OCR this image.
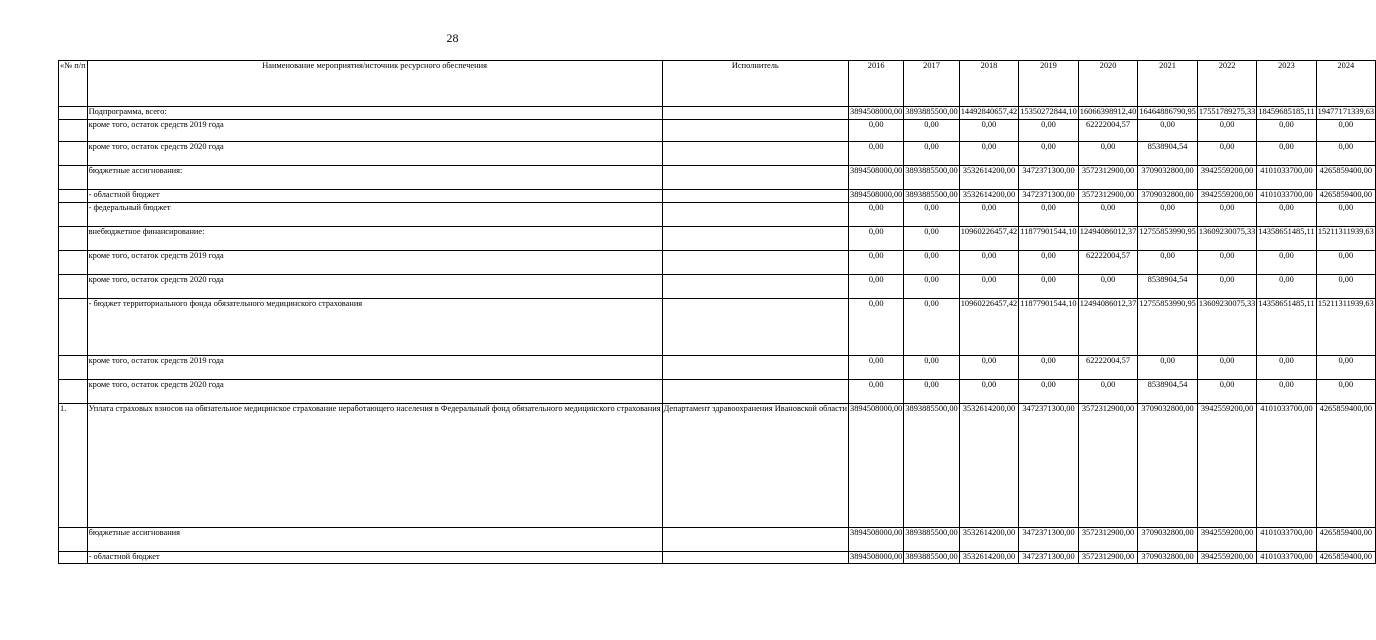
28
«№ п/п	Наименование мероприятия/источник ресурсного обеспечения	Исполнитель	2016	2017	2018	2019	2020	2021	2022	2023	2024
	Подпрограмма, всего:		3894508000,00	3893885500,00	14492840657,42	15350272844,10	16066398912,40	16464886790,95	17551789275,33	18459685185,11	19477171339,63
	кроме того, остаток средств 2019 года		0,00	0,00	0,00	0,00	62222004,57	0,00	0,00	0,00	0,00
	кроме того, остаток средств 2020 года		0,00	0,00	0,00	0,00	0,00	8538904,54	0,00	0,00	0,00
	бюджетные ассигнования:		3894508000,00	3893885500,00	3532614200,00	3472371300,00	3572312900,00	3709032800,00	3942559200,00	4101033700,00	4265859400,00
	- областной бюджет		3894508000,00	3893885500,00	3532614200,00	3472371300,00	3572312900,00	3709032800,00	3942559200,00	4101033700,00	4265859400,00
	- федеральный бюджет		0,00	0,00	0,00	0,00	0,00	0,00	0,00	0,00	0,00
	внебюджетное финансирование:		0,00	0,00	10960226457,42	11877901544,10	12494086012,37	12755853990,95	13609230075,33	14358651485,11	15211311939,63
	кроме того, остаток средств 2019 года		0,00	0,00	0,00	0,00	62222004,57	0,00	0,00	0,00	0,00
	кроме того, остаток средств 2020 года		0,00	0,00	0,00	0,00	0,00	8538904,54	0,00	0,00	0,00
	- бюджет территориального фонда обязательного медицинского страхования		0,00	0,00	10960226457,42	11877901544,10	12494086012,37	12755853990,95	13609230075,33	14358651485,11	15211311939,63
	кроме того, остаток средств 2019 года		0,00	0,00	0,00	0,00	62222004,57	0,00	0,00	0,00	0,00
	кроме того, остаток средств 2020 года		0,00	0,00	0,00	0,00	0,00	8538904,54	0,00	0,00	0,00
1.	Уплата страховых взносов на обязательное медицинское страхование неработающего населения в Федеральный фонд обязательного медицинского страхования	Департамент здравоохранения Ивановской области	3894508000,00	3893885500,00	3532614200,00	3472371300,00	3572312900,00	3709032800,00	3942559200,00	4101033700,00	4265859400,00
	бюджетные ассигнования		3894508000,00	3893885500,00	3532614200,00	3472371300,00	3572312900,00	3709032800,00	3942559200,00	4101033700,00	4265859400,00
	- областной бюджет		3894508000,00	3893885500,00	3532614200,00	3472371300,00	3572312900,00	3709032800,00	3942559200,00	4101033700,00	4265859400,00
